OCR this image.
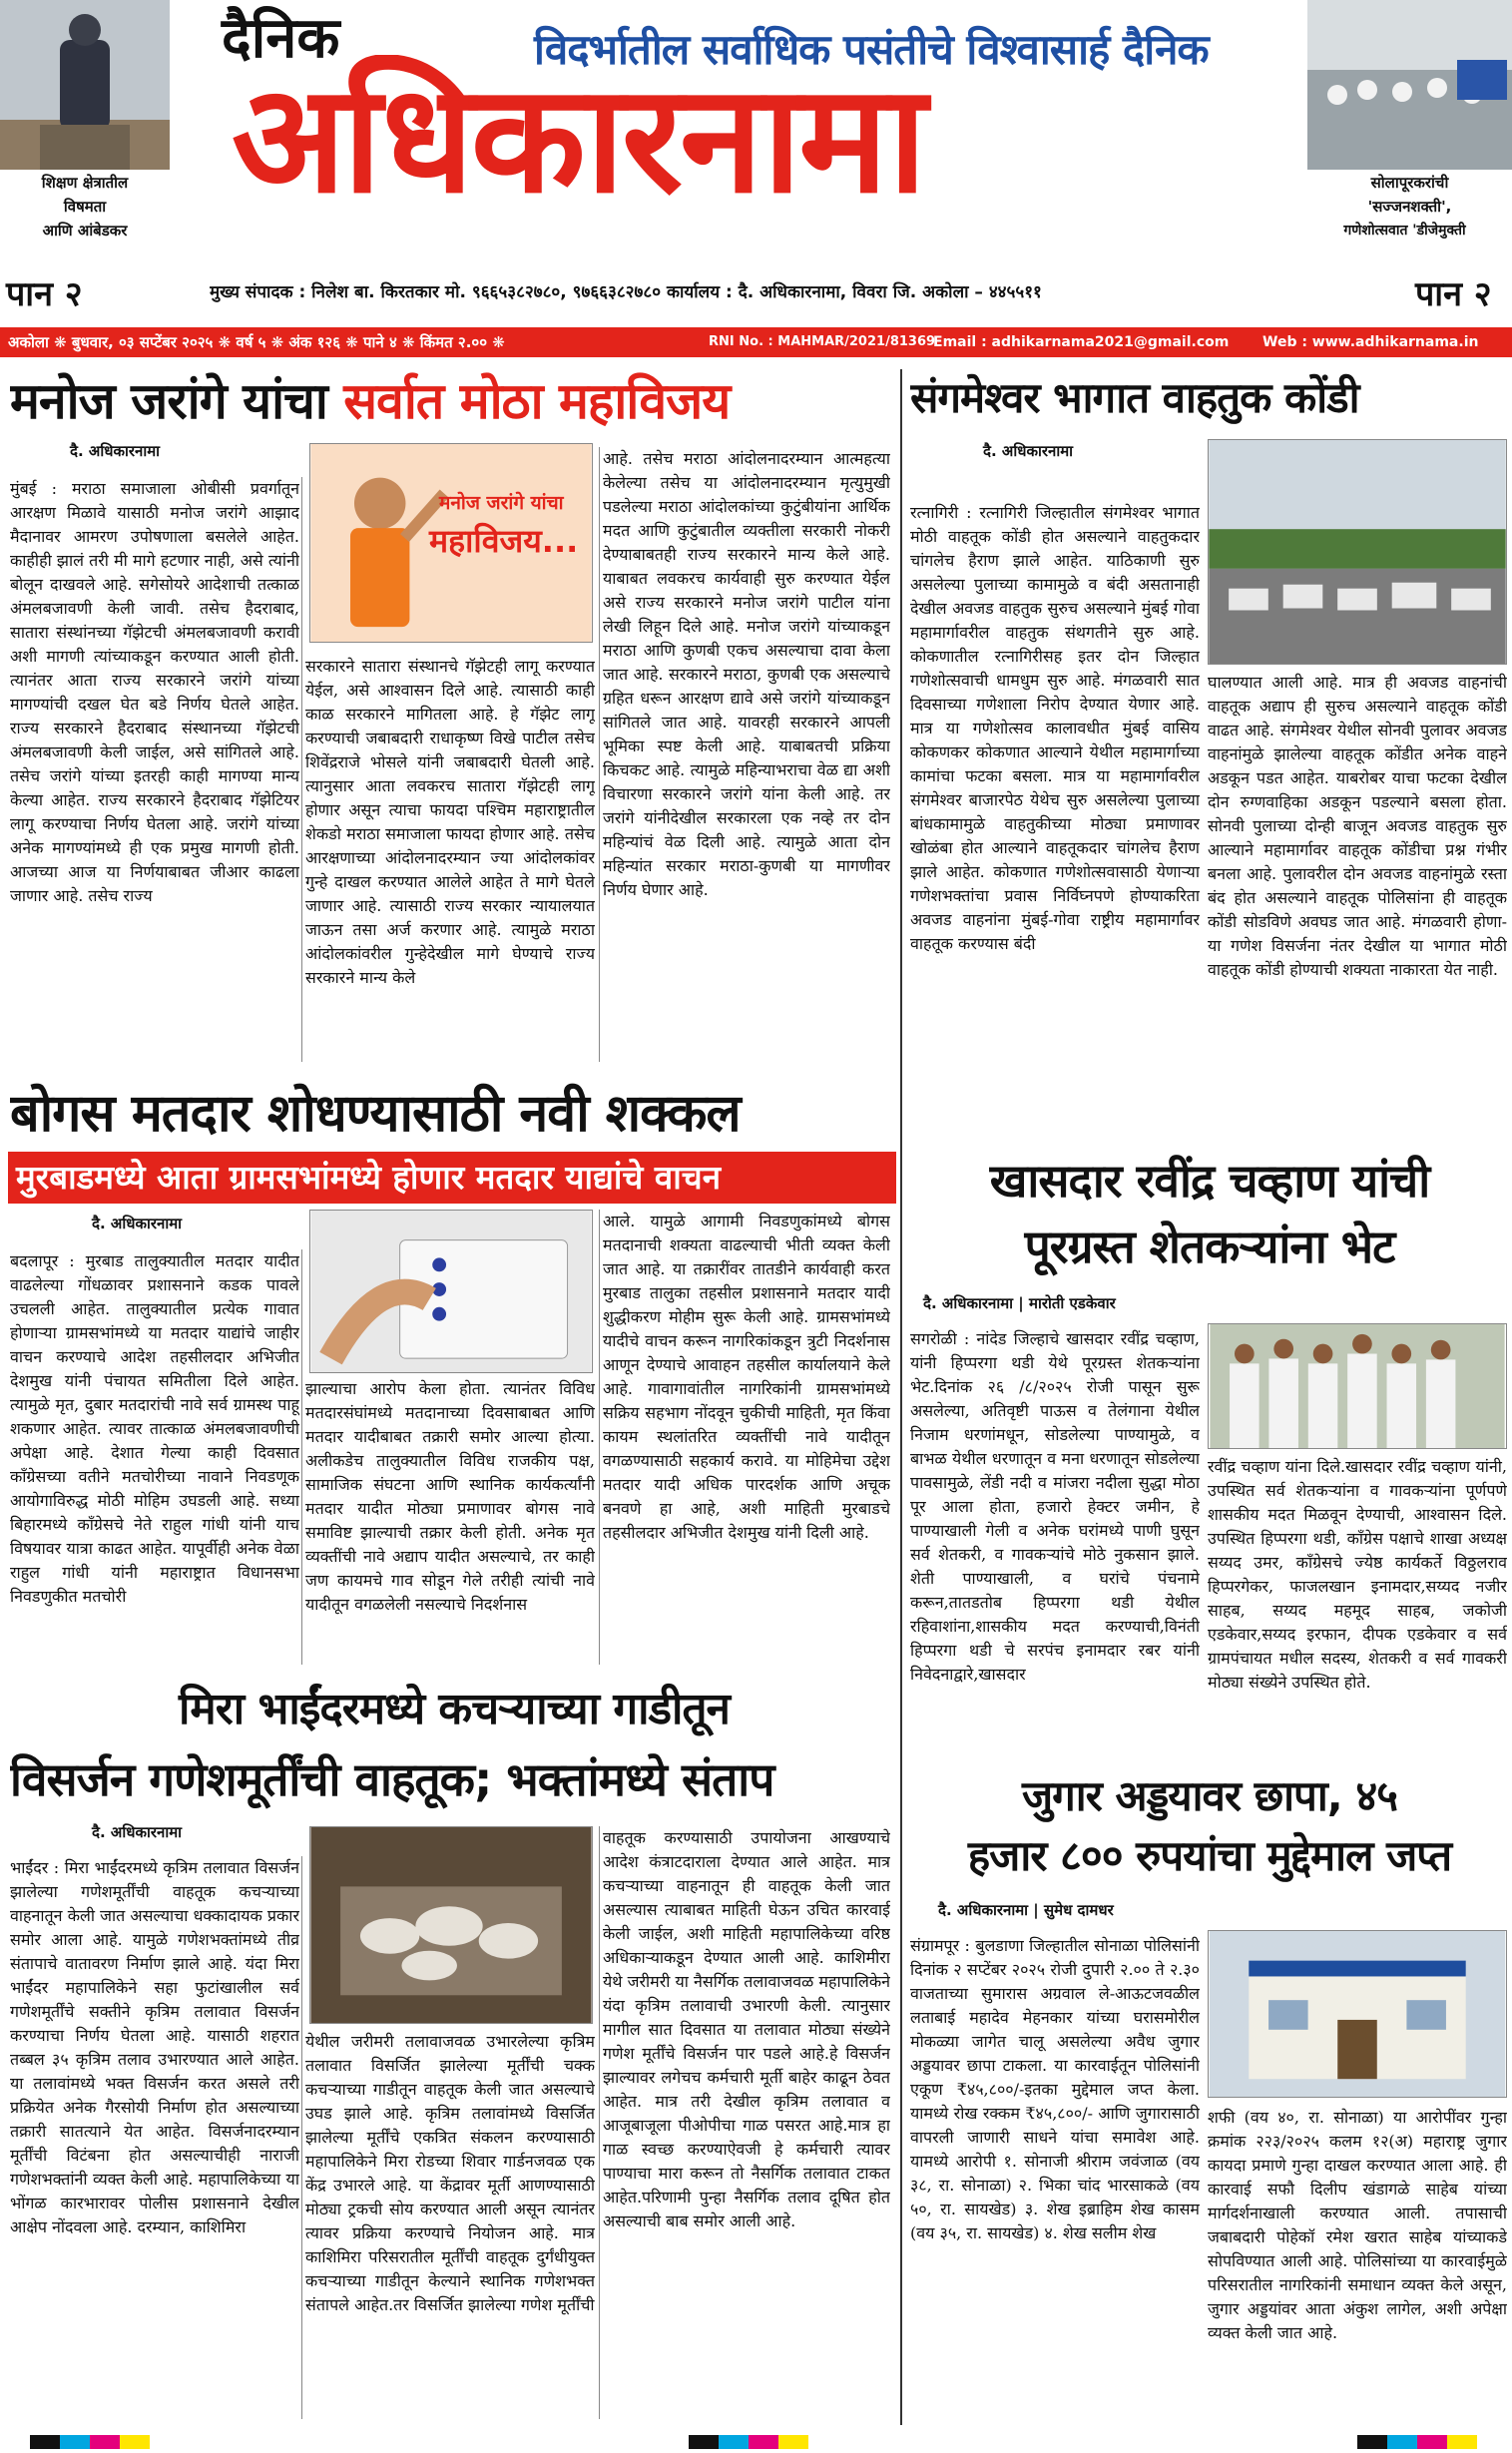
शिक्षण क्षेत्रातील
विषमता
आणि आंबेडकर
दैनिक	विदर्भातील सर्वाधिक पसंतीचे विश्वासार्ह दैनिक
अधिकारनामा	सोलापूरकरांची
'सज्जनशक्ती',
गणेशोत्सवात 'डीजेमुक्ती
पान २	मुख्य संपादक : निलेश बा. किरतकार मो. ९६६५३८२७८०, ९७६६३८२७८० कार्यालय : दै. अधिकारनामा, विवरा जि. अकोला – ४४५५११	पान २
अकोला ❋ बुधवार, ०३ सप्टेंबर २०२५ ❋ वर्ष ५ ❋ अंक १२६ ❋ पाने ४ ❋ किंमत २.०० ❋	RNI No. : MAHMAR/2021/81369
Email : adhikarnama2021@gmail.com Web : www.adhikarnama.in
मनोज जरांगे यांचा सर्वात मोठा महाविजय
दै. अधिकारनामा
मुंबई : मराठा समाजाला ओबीसी प्रवर्गातून आरक्षण मिळावे यासाठी मनोज जरांगे आझाद मैदानावर आमरण उपोषणाला बसलेले आहेत. काहीही झालं तरी मी मागे हटणार नाही, असे त्यांनी बोलून दाखवले आहे. सगेसोयरे आदेशाची तत्काळ अंमलबजावणी केली जावी. तसेच हैदराबाद, सातारा संस्थांनच्या गॅझेटची अंमलबजावणी करावी अशी मागणी त्यांच्याकडून करण्यात आली होती. त्यानंतर आता राज्य सरकारने जरांगे यांच्या मागण्यांची दखल घेत बडे निर्णय घेतले आहेत. राज्य सरकारने हैदराबाद संस्थानच्या गॅझेटची अंमलबजावणी केली जाईल, असे सांगितले आहे. तसेच जरांगे यांच्या इतरही काही मागण्या मान्य केल्या आहेत. राज्य सरकारने हैदराबाद गॅझेटियर लागू करण्याचा निर्णय घेतला आहे. जरांगे यांच्या अनेक मागण्यांमध्ये ही एक प्रमुख मागणी होती. आजच्या आज या निर्णयाबाबत जीआर काढला जाणार आहे. तसेच राज्य
मनोज जरांगे यांचा
महाविजय...
सरकारने सातारा संस्थानचे गॅझेटही लागू करण्यात येईल, असे आश्वासन दिले आहे. त्यासाठी काही काळ सरकारने मागितला आहे. हे गॅझेट लागू करण्याची जबाबदारी राधाकृष्ण विखे पाटील तसेच शिवेंद्रराजे भोसले यांनी जबाबदारी घेतली आहे. त्यानुसार आता लवकरच सातारा गॅझेटही लागू होणार असून त्याचा फायदा पश्चिम महाराष्ट्रातील शेकडो मराठा समाजाला फायदा होणार आहे. तसेच आरक्षणाच्या आंदोलनादरम्यान ज्या आंदोलकांवर गुन्हे दाखल करण्यात आलेले आहेत ते मागे घेतले जाणार आहे. त्यासाठी राज्य सरकार न्यायालयात जाऊन तसा अर्ज करणार आहे. त्यामुळे मराठा आंदोलकांवरील गुन्हेदेखील मागे घेण्याचे राज्य सरकारने मान्य केले
आहे. तसेच मराठा आंदोलनादरम्यान आत्महत्या केलेल्या तसेच या आंदोलनादरम्यान मृत्युमुखी पडलेल्या मराठा आंदोलकांच्या कुटुंबीयांना आर्थिक मदत आणि कुटुंबातील व्यक्तीला सरकारी नोकरी देण्याबाबतही राज्य सरकारने मान्य केले आहे. याबाबत लवकरच कार्यवाही सुरु करण्यात येईल असे राज्य सरकारने मनोज जरांगे पाटील यांना लेखी लिहून दिले आहे. मनोज जरांगे यांच्याकडून मराठा आणि कुणबी एकच असल्याचा दावा केला जात आहे. सरकारने मराठा, कुणबी एक असल्याचे ग्रहित धरून आरक्षण द्यावे असे जरांगे यांच्याकडून सांगितले जात आहे. यावरही सरकारने आपली भूमिका स्पष्ट केली आहे. याबाबतची प्रक्रिया किचकट आहे. त्यामुळे महिन्याभराचा वेळ द्या अशी विचारणा सरकारने जरांगे यांना केली आहे. तर जरांगे यांनीदेखील सरकारला एक नव्हे तर दोन महिन्यांचं वेळ दिली आहे. त्यामुळे आता दोन महिन्यांत सरकार मराठा-कुणबी या मागणीवर निर्णय घेणार आहे.
संगमेश्वर भागात वाहतुक कोंडी
दै. अधिकारनामा
रत्नागिरी : रत्नागिरी जिल्हातील संगमेश्वर भागात मोठी वाहतूक कोंडी होत असल्याने वाहतुकदार चांगलेच हैराण झाले आहेत. याठिकाणी सुरु असलेल्या पुलाच्या कामामुळे व बंदी असतानाही देखील अवजड वाहतुक सुरुच असल्याने मुंबई गोवा महामार्गावरील वाहतुक संथगतीने सुरु आहे. कोकणातील रत्नागिरीसह इतर दोन जिल्हात गणेशोत्सवाची धामधुम सुरु आहे. मंगळवारी सात दिवसाच्या गणेशाला निरोप देण्यात येणार आहे. मात्र या गणेशोत्सव कालावधीत मुंबई वासिय कोकणकर कोकणात आल्याने येथील महामार्गाच्या कामांचा फटका बसला. मात्र या महामार्गावरील संगमेश्वर बाजारपेठ येथेच सुरु असलेल्या पुलाच्या बांधकामामुळे वाहतुकीच्या मोठ्या प्रमाणावर खोळंबा होत आल्याने वाहतूकदार चांगलेच हैराण झाले आहेत. कोकणात गणेशोत्सवासाठी येणाऱ्या गणेशभक्तांचा प्रवास निर्विघ्नपणे होण्याकरिता अवजड वाहनांना मुंबई-गोवा राष्ट्रीय महामार्गावर वाहतूक करण्यास बंदी
घालण्यात आली आहे. मात्र ही अवजड वाहनांची वाहतूक अद्याप ही सुरुच असल्याने वाहतूक कोंडी वाढत आहे. संगमेश्वर येथील सोनवी पुलावर अवजड वाहनांमुळे झालेल्या वाहतूक कोंडीत अनेक वाहने अडकून पडत आहेत. याबरोबर याचा फटका देखील दोन रुग्णवाहिका अडकून पडल्याने बसला होता. सोनवी पुलाच्या दोन्ही बाजून अवजड वाहतुक सुरु आल्याने महामार्गावर वाहतूक कोंडीचा प्रश्न गंभीर बनला आहे. पुलावरील दोन अवजड वाहनांमुळे रस्ता बंद होत असल्याने वाहतूक पोलिसांना ही वाहतूक कोंडी सोडविणे अवघड जात आहे. मंगळवारी होणा-या गणेश विसर्जना नंतर देखील या भागात मोठी वाहतूक कोंडी होण्याची शक्यता नाकारता येत नाही.
बोगस मतदार शोधण्यासाठी नवी शक्कल
मुरबाडमध्ये आता ग्रामसभांमध्ये होणार मतदार याद्यांचे वाचन
दै. अधिकारनामा
बदलापूर : मुरबाड तालुक्यातील मतदार यादीत वाढलेल्या गोंधळावर प्रशासनाने कडक पावले उचलली आहेत. तालुक्यातील प्रत्येक गावात होणाऱ्या ग्रामसभांमध्ये या मतदार याद्यांचे जाहीर वाचन करण्याचे आदेश तहसीलदार अभिजीत देशमुख यांनी पंचायत समितीला दिले आहेत. त्यामुळे मृत, दुबार मतदारांची नावे सर्व ग्रामस्थ पाहू शकणार आहेत. त्यावर तात्काळ अंमलबजावणीची अपेक्षा आहे. देशात गेल्या काही दिवसात काँग्रेसच्या वतीने मतचोरीच्या नावाने निवडणूक आयोगाविरुद्ध मोठी मोहिम उघडली आहे. सध्या बिहारमध्ये काँग्रेसचे नेते राहुल गांधी यांनी याच विषयावर यात्रा काढत आहेत. यापूर्वीही अनेक वेळा राहुल गांधी यांनी महाराष्ट्रात विधानसभा निवडणुकीत मतचोरी
झाल्याचा आरोप केला होता. त्यानंतर विविध मतदारसंघांमध्ये मतदानाच्या दिवसाबाबत आणि मतदार यादीबाबत तक्रारी समोर आल्या होत्या. अलीकडेच तालुक्यातील विविध राजकीय पक्ष, सामाजिक संघटना आणि स्थानिक कार्यकर्त्यांनी मतदार यादीत मोठ्या प्रमाणावर बोगस नावे समाविष्ट झाल्याची तक्रार केली होती. अनेक मृत व्यक्तींची नावे अद्याप यादीत असल्याचे, तर काही जण कायमचे गाव सोडून गेले तरीही त्यांची नावे यादीतून वगळलेली नसल्याचे निदर्शनास
आले. यामुळे आगामी निवडणुकांमध्ये बोगस मतदानाची शक्यता वाढल्याची भीती व्यक्त केली जात आहे. या तक्रारींवर तातडीने कार्यवाही करत मुरबाड तालुका तहसील प्रशासनाने मतदार यादी शुद्धीकरण मोहीम सुरू केली आहे. ग्रामसभांमध्ये यादीचे वाचन करून नागरिकांकडून त्रुटी निदर्शनास आणून देण्याचे आवाहन तहसील कार्यालयाने केले आहे. गावागावांतील नागरिकांनी ग्रामसभांमध्ये सक्रिय सहभाग नोंदवून चुकीची माहिती, मृत किंवा कायम स्थलांतरित व्यक्तींची नावे यादीतून वगळण्यासाठी सहकार्य करावे. या मोहिमेचा उद्देश मतदार यादी अधिक पारदर्शक आणि अचूक बनवणे हा आहे, अशी माहिती मुरबाडचे तहसीलदार अभिजीत देशमुख यांनी दिली आहे.
खासदार रवींद्र चव्हाण यांची
पूरग्रस्त शेतकऱ्यांना भेट
दै. अधिकारनामा | मारोती एडकेवार
सगरोळी : नांदेड जिल्हाचे खासदार रवींद्र चव्हाण, यांनी हिप्परगा थडी येथे पूरग्रस्त शेतकऱ्यांना भेट.दिनांक २६ /८/२०२५ रोजी पासून सुरू असलेल्या, अतिवृष्टी पाऊस व तेलंगाना येथील निजाम धरणांमधून, सोडलेल्या पाण्यामुळे, व बाभळ येथील धरणातून व मना धरणातून सोडलेल्या पावसामुळे, लेंडी नदी व मांजरा नदीला सुद्धा मोठा पूर आला होता, हजारो हेक्टर जमीन, हे पाण्याखाली गेली व अनेक घरांमध्ये पाणी घुसून सर्व शेतकरी, व गावकऱ्यांचे मोठे नुकसान झाले. शेती पाण्याखाली, व घरांचे पंचनामे करून,तातडतोब हिप्परगा थडी येथील रहिवाशांना,शासकीय मदत करण्याची,विनंती हिप्परगा थडी चे सरपंच इनामदार रबर यांनी निवेदनाद्वारे,खासदार
रवींद्र चव्हाण यांना दिले.खासदार रवींद्र चव्हाण यांनी, उपस्थित सर्व शेतकऱ्यांना व गावकऱ्यांना पूर्णपणे शासकीय मदत मिळवून देण्याची, आश्वासन दिले. उपस्थित हिप्परगा थडी, काँग्रेस पक्षाचे शाखा अध्यक्ष सय्यद उमर, काँग्रेसचे ज्येष्ठ कार्यकर्ते विठ्ठलराव हिप्परगेकर, फाजलखान इनामदार,सय्यद नजीर साहब, सय्यद महमूद साहब, जकोजी एडकेवार,सय्यद इरफान, दीपक एडकेवार व सर्व ग्रामपंचायत मधील सदस्य, शेतकरी व सर्व गावकरी मोठ्या संख्येने उपस्थित होते.
मिरा भाईंदरमध्ये कचऱ्याच्या गाडीतून
विसर्जन गणेशमूर्तींची वाहतूक; भक्तांमध्ये संताप
दै. अधिकारनामा
भाईंदर : मिरा भाईंदरमध्ये कृत्रिम तलावात विसर्जन झालेल्या गणेशमूर्तींची वाहतूक कचऱ्याच्या वाहनातून केली जात असल्याचा धक्कादायक प्रकार समोर आला आहे. यामुळे गणेशभक्तांमध्ये तीव्र संतापाचे वातावरण निर्माण झाले आहे. यंदा मिरा भाईंदर महापालिकेने सहा फुटांखालील सर्व गणेशमूर्तींचे सक्तीने कृत्रिम तलावात विसर्जन करण्याचा निर्णय घेतला आहे. यासाठी शहरात तब्बल ३५ कृत्रिम तलाव उभारण्यात आले आहेत. या तलावांमध्ये भक्त विसर्जन करत असले तरी प्रक्रियेत अनेक गैरसोयी निर्माण होत असल्याच्या तक्रारी सातत्याने येत आहेत. विसर्जनादरम्यान मूर्तींची विटंबना होत असल्याचीही नाराजी गणेशभक्तांनी व्यक्त केली आहे. महापालिकेच्या या भोंगळ कारभारावर पोलीस प्रशासनाने देखील आक्षेप नोंदवला आहे. दरम्यान, काशिमिरा
येथील जरीमरी तलावाजवळ उभारलेल्या कृत्रिम तलावात विसर्जित झालेल्या मूर्तींची चक्क कचऱ्याच्या गाडीतून वाहतूक केली जात असल्याचे उघड झाले आहे. कृत्रिम तलावांमध्ये विसर्जित झालेल्या मूर्तींचे एकत्रित संकलन करण्यासाठी महापालिकेने मिरा रोडच्या शिवार गार्डनजवळ एक केंद्र उभारले आहे. या केंद्रावर मूर्ती आणण्यासाठी मोठ्या ट्रकची सोय करण्यात आली असून त्यानंतर त्यावर प्रक्रिया करण्याचे नियोजन आहे. मात्र काशिमिरा परिसरातील मूर्तींची वाहतूक दुर्गंधीयुक्त कचऱ्याच्या गाडीतून केल्याने स्थानिक गणेशभक्त संतापले आहेत.तर विसर्जित झालेल्या गणेश मूर्तींची
वाहतूक करण्यासाठी उपायोजना आखण्याचे आदेश कंत्राटदाराला देण्यात आले आहेत. मात्र कचऱ्याच्या वाहनातून ही वाहतूक केली जात असल्यास त्याबाबत माहिती घेऊन उचित कारवाई केली जाईल, अशी माहिती महापालिकेच्या वरिष्ठ अधिकाऱ्याकडून देण्यात आली आहे. काशिमीरा येथे जरीमरी या नैसर्गिक तलावाजवळ महापालिकेने यंदा कृत्रिम तलावाची उभारणी केली. त्यानुसार मागील सात दिवसात या तलावात मोठ्या संख्येने गणेश मूर्तींचे विसर्जन पार पडले आहे.हे विसर्जन झाल्यावर लगेचच कर्मचारी मूर्ती बाहेर काढून ठेवत आहेत. मात्र तरी देखील कृत्रिम तलावात व आजूबाजूला पीओपीचा गाळ पसरत आहे.मात्र हा गाळ स्वच्छ करण्याऐवजी हे कर्मचारी त्यावर पाण्याचा मारा करून तो नैसर्गिक तलावात टाकत आहेत.परिणामी पुन्हा नैसर्गिक तलाव दूषित होत असल्याची बाब समोर आली आहे.
जुगार अड्डयावर छापा, ४५
हजार ८०० रुपयांचा मुद्देमाल जप्त
दै. अधिकारनामा | सुमेध दामधर
संग्रामपूर : बुलडाणा जिल्हातील सोनाळा पोलिसांनी दिनांक २ सप्टेंबर २०२५ रोजी दुपारी २.०० ते २.३० वाजताच्या सुमारास अग्रवाल ले-आऊटजवळील लताबाई महादेव मेहनकार यांच्या घरासमोरील मोकळ्या जागेत चालू असलेल्या अवैध जुगार अड्डयावर छापा टाकला. या कारवाईतून पोलिसांनी एकूण ₹४५,८००/-इतका मुद्देमाल जप्त केला. यामध्ये रोख रक्कम ₹४५,८००/- आणि जुगारासाठी वापरली जाणारी साधने यांचा समावेश आहे. यामध्ये आरोपी १. सोनाजी श्रीराम जवंजाळ (वय ३८, रा. सोनाळा) २. भिका चांद भारसाकळे (वय ५०, रा. सायखेड) ३. शेख इब्राहिम शेख कासम (वय ३५, रा. सायखेड) ४. शेख सलीम शेख
शफी (वय ४०, रा. सोनाळा) या आरोपींवर गुन्हा क्रमांक २२३/२०२५ कलम १२(अ) महाराष्ट्र जुगार कायदा प्रमाणे गुन्हा दाखल करण्यात आला आहे. ही कारवाई सफौ दिलीप खंडागळे साहेब यांच्या मार्गदर्शनाखाली करण्यात आली. तपासाची जबाबदारी पोहेकॉ रमेश खरात साहेब यांच्याकडे सोपविण्यात आली आहे. पोलिसांच्या या कारवाईमुळे परिसरातील नागरिकांनी समाधान व्यक्त केले असून, जुगार अड्डयांवर आता अंकुश लागेल, अशी अपेक्षा व्यक्त केली जात आहे.
